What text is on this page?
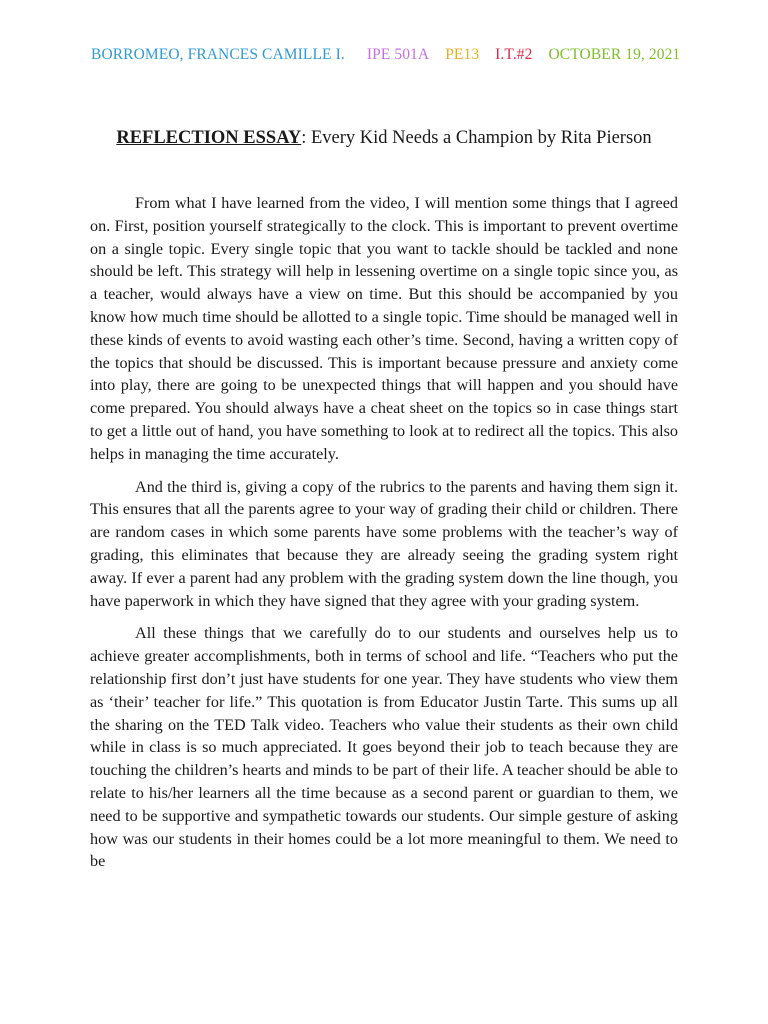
BORROMEO, FRANCES CAMILLE I. IPE 501A PE13 I.T.#2 OCTOBER 19, 2021
REFLECTION ESSAY: Every Kid Needs a Champion by Rita Pierson

From what I have learned from the video, I will mention some things that I agreed on. First, position yourself strategically to the clock. This is important to prevent overtime on a single topic. Every single topic that you want to tackle should be tackled and none should be left. This strategy will help in lessening overtime on a single topic since you, as a teacher, would always have a view on time. But this should be accompanied by you know how much time should be allotted to a single topic. Time should be managed well in these kinds of events to avoid wasting each other’s time. Second, having a written copy of the topics that should be discussed. This is important because pressure and anxiety come into play, there are going to be unexpected things that will happen and you should have come prepared. You should always have a cheat sheet on the topics so in case things start to get a little out of hand, you have something to look at to redirect all the topics. This also helps in managing the time accurately.

And the third is, giving a copy of the rubrics to the parents and having them sign it. This ensures that all the parents agree to your way of grading their child or children. There are random cases in which some parents have some problems with the teacher’s way of grading, this eliminates that because they are already seeing the grading system right away. If ever a parent had any problem with the grading system down the line though, you have paperwork in which they have signed that they agree with your grading system.

All these things that we carefully do to our students and ourselves help us to achieve greater accomplishments, both in terms of school and life. “Teachers who put the relationship first don’t just have students for one year. They have students who view them as ‘their’ teacher for life.” This quotation is from Educator Justin Tarte. This sums up all the sharing on the TED Talk video. Teachers who value their students as their own child while in class is so much appreciated. It goes beyond their job to teach because they are touching the children’s hearts and minds to be part of their life. A teacher should be able to relate to his/her learners all the time because as a second parent or guardian to them, we need to be supportive and sympathetic towards our students. Our simple gesture of asking how was our students in their homes could be a lot more meaningful to them. We need to be
